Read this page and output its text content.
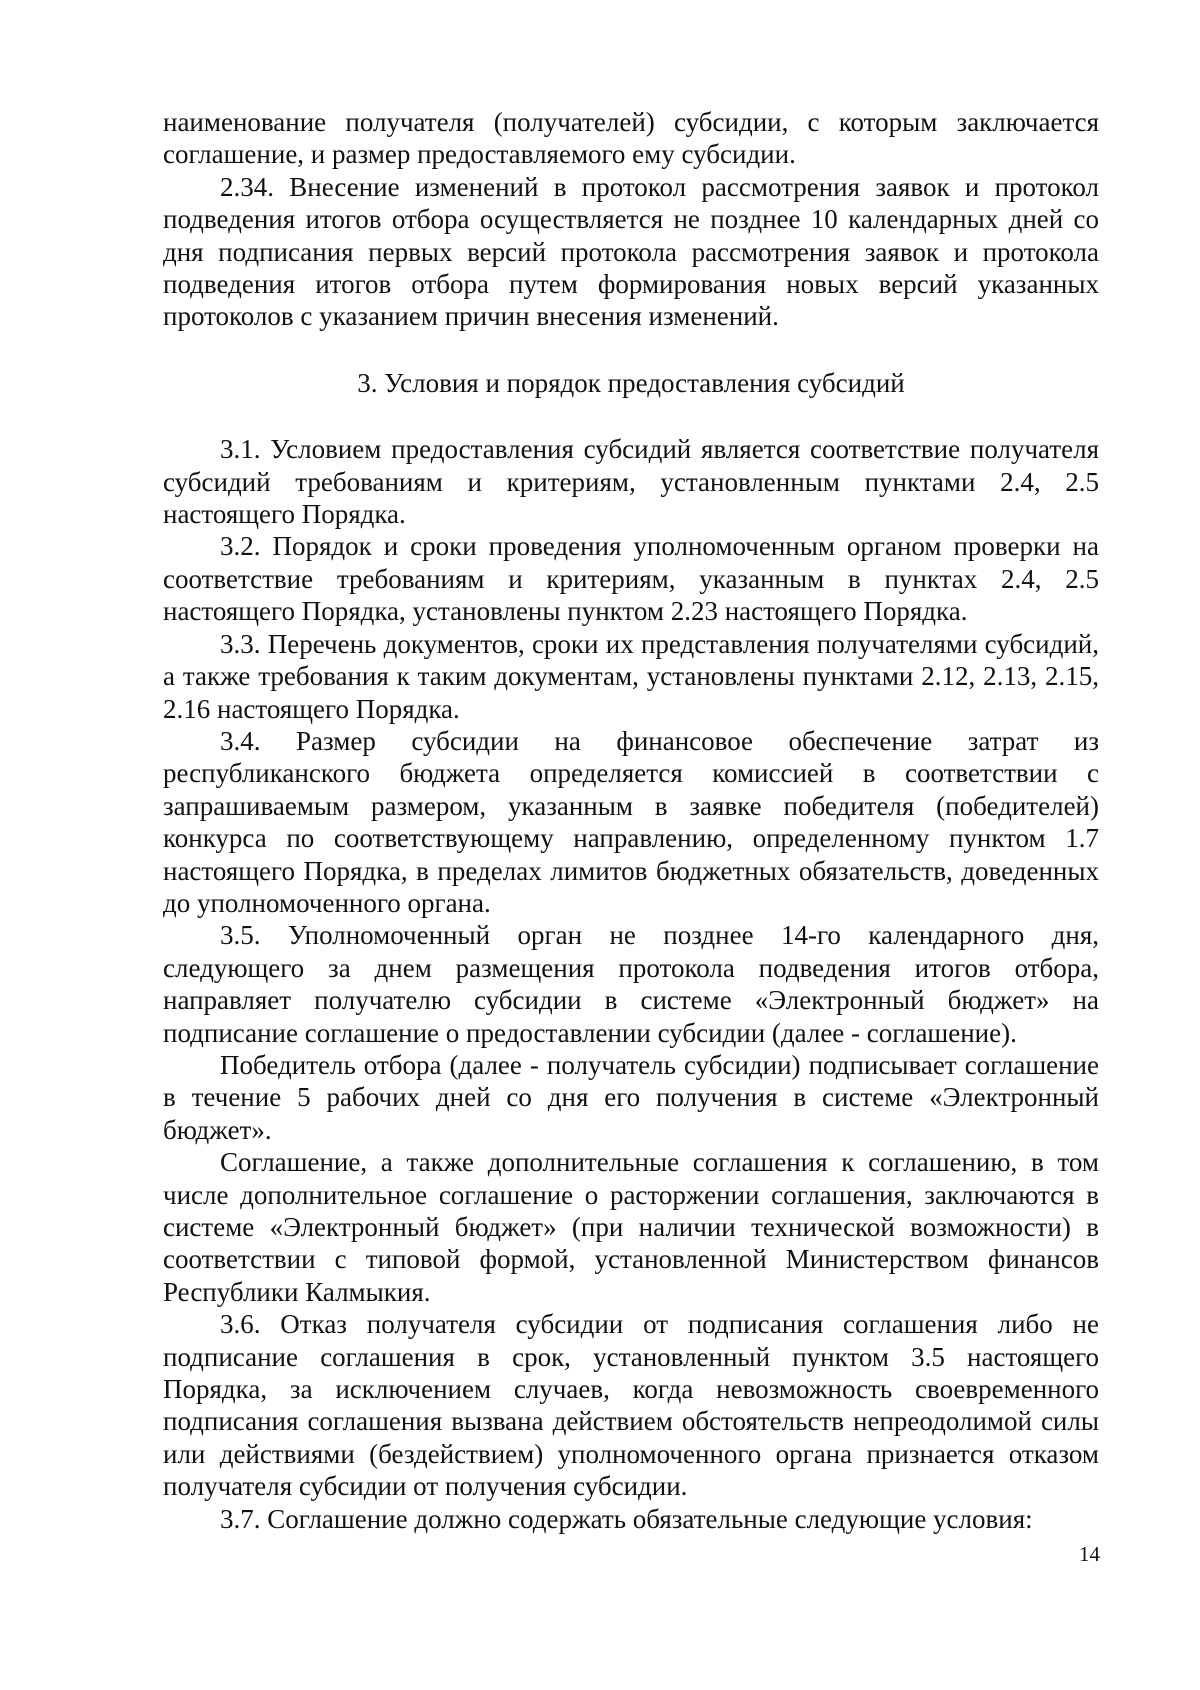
наименование получателя (получателей) субсидии, с которым заключается соглашение, и размер предоставляемого ему субсидии.

2.34. Внесение изменений в протокол рассмотрения заявок и протокол подведения итогов отбора осуществляется не позднее 10 календарных дней со дня подписания первых версий протокола рассмотрения заявок и протокола подведения итогов отбора путем формирования новых версий указанных протоколов с указанием причин внесения изменений.

3. Условия и порядок предоставления субсидий

3.1. Условием предоставления субсидий является соответствие получателя субсидий требованиям и критериям, установленным пунктами 2.4, 2.5 настоящего Порядка.

3.2. Порядок и сроки проведения уполномоченным органом проверки на соответствие требованиям и критериям, указанным в пунктах 2.4, 2.5 настоящего Порядка, установлены пунктом 2.23 настоящего Порядка.

3.3. Перечень документов, сроки их представления получателями субсидий, а также требования к таким документам, установлены пунктами 2.12, 2.13, 2.15, 2.16 настоящего Порядка.

3.4. Размер субсидии на финансовое обеспечение затрат из республиканского бюджета определяется комиссией в соответствии с запрашиваемым размером, указанным в заявке победителя (победителей) конкурса по соответствующему направлению, определенному пунктом 1.7 настоящего Порядка, в пределах лимитов бюджетных обязательств, доведенных до уполномоченного органа.

3.5. Уполномоченный орган не позднее 14-го календарного дня, следующего за днем размещения протокола подведения итогов отбора, направляет получателю субсидии в системе «Электронный бюджет» на подписание соглашение о предоставлении субсидии (далее - соглашение).

Победитель отбора (далее - получатель субсидии) подписывает соглашение в течение 5 рабочих дней со дня его получения в системе «Электронный бюджет».

Соглашение, а также дополнительные соглашения к соглашению, в том числе дополнительное соглашение о расторжении соглашения, заключаются в системе «Электронный бюджет» (при наличии технической возможности) в соответствии с типовой формой, установленной Министерством финансов Республики Калмыкия.

3.6. Отказ получателя субсидии от подписания соглашения либо не подписание соглашения в срок, установленный пунктом 3.5 настоящего Порядка, за исключением случаев, когда невозможность своевременного подписания соглашения вызвана действием обстоятельств непреодолимой силы или действиями (бездействием) уполномоченного органа признается отказом получателя субсидии от получения субсидии.

3.7. Соглашение должно содержать обязательные следующие условия:

14
